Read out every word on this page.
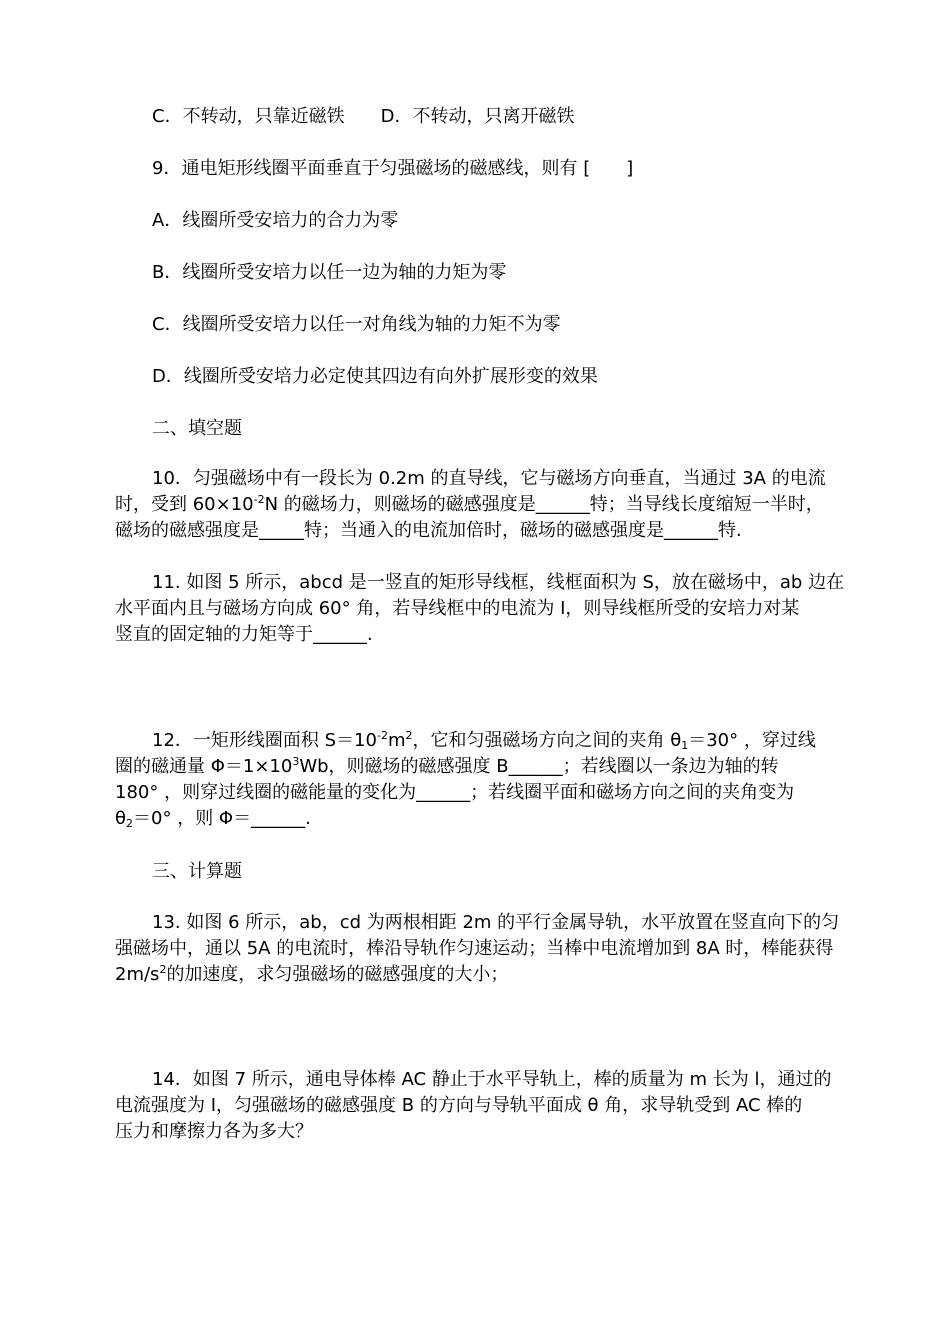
C．不转动，只靠近磁铁 D．不转动，只离开磁铁
9．通电矩形线圈平面垂直于匀强磁场的磁感线，则有 [ ]
A．线圈所受安培力的合力为零
B．线圈所受安培力以任一边为轴的力矩为零
C．线圈所受安培力以任一对角线为轴的力矩不为零
D．线圈所受安培力必定使其四边有向外扩展形变的效果
二、填空题

10．匀强磁场中有一段长为 0.2m 的直导线，它与磁场方向垂直，当通过 3A 的电流

时，受到 $60\times 10^{-2}N$ 的磁场力，则磁场的磁感强度是______特；当导线长度缩短一半时，

磁场的磁感强度是_____特；当通入的电流加倍时，磁场的磁感强度是______特.

11. 如图 5 所示，abcd 是一竖直的矩形导线框，线框面积为 S，放在磁场中，ab 边在

水平面内且与磁场方向成 60° 角，若导线框中的电流为 I，则导线框所受的安培力对某

竖直的固定轴的力矩等于______.

12．一矩形线圈面积 $S=10^{-2}m^2$，它和匀强磁场方向之间的夹角 $\theta_1=30^\circ$ ，穿过线

圈的磁通量 $\Phi=1\times 10^3Wb$，则磁场的磁感强度 B______；若线圈以一条边为轴的转

180° ，则穿过线圈的磁能量的变化为______；若线圈平面和磁场方向之间的夹角变为

$\theta_2=0^\circ$ ，则 Φ＝______.

三、计算题

13. 如图 6 所示，ab，cd 为两根相距 2m 的平行金属导轨，水平放置在竖直向下的匀

强磁场中，通以 5A 的电流时，棒沿导轨作匀速运动；当棒中电流增加到 8A 时，棒能获得

$2m/s^2$的加速度，求匀强磁场的磁感强度的大小；

14．如图 7 所示，通电导体棒 AC 静止于水平导轨上，棒的质量为 m 长为 l，通过的

电流强度为 I，匀强磁场的磁感强度 B 的方向与导轨平面成 θ 角，求导轨受到 AC 棒的

压力和摩擦力各为多大？
